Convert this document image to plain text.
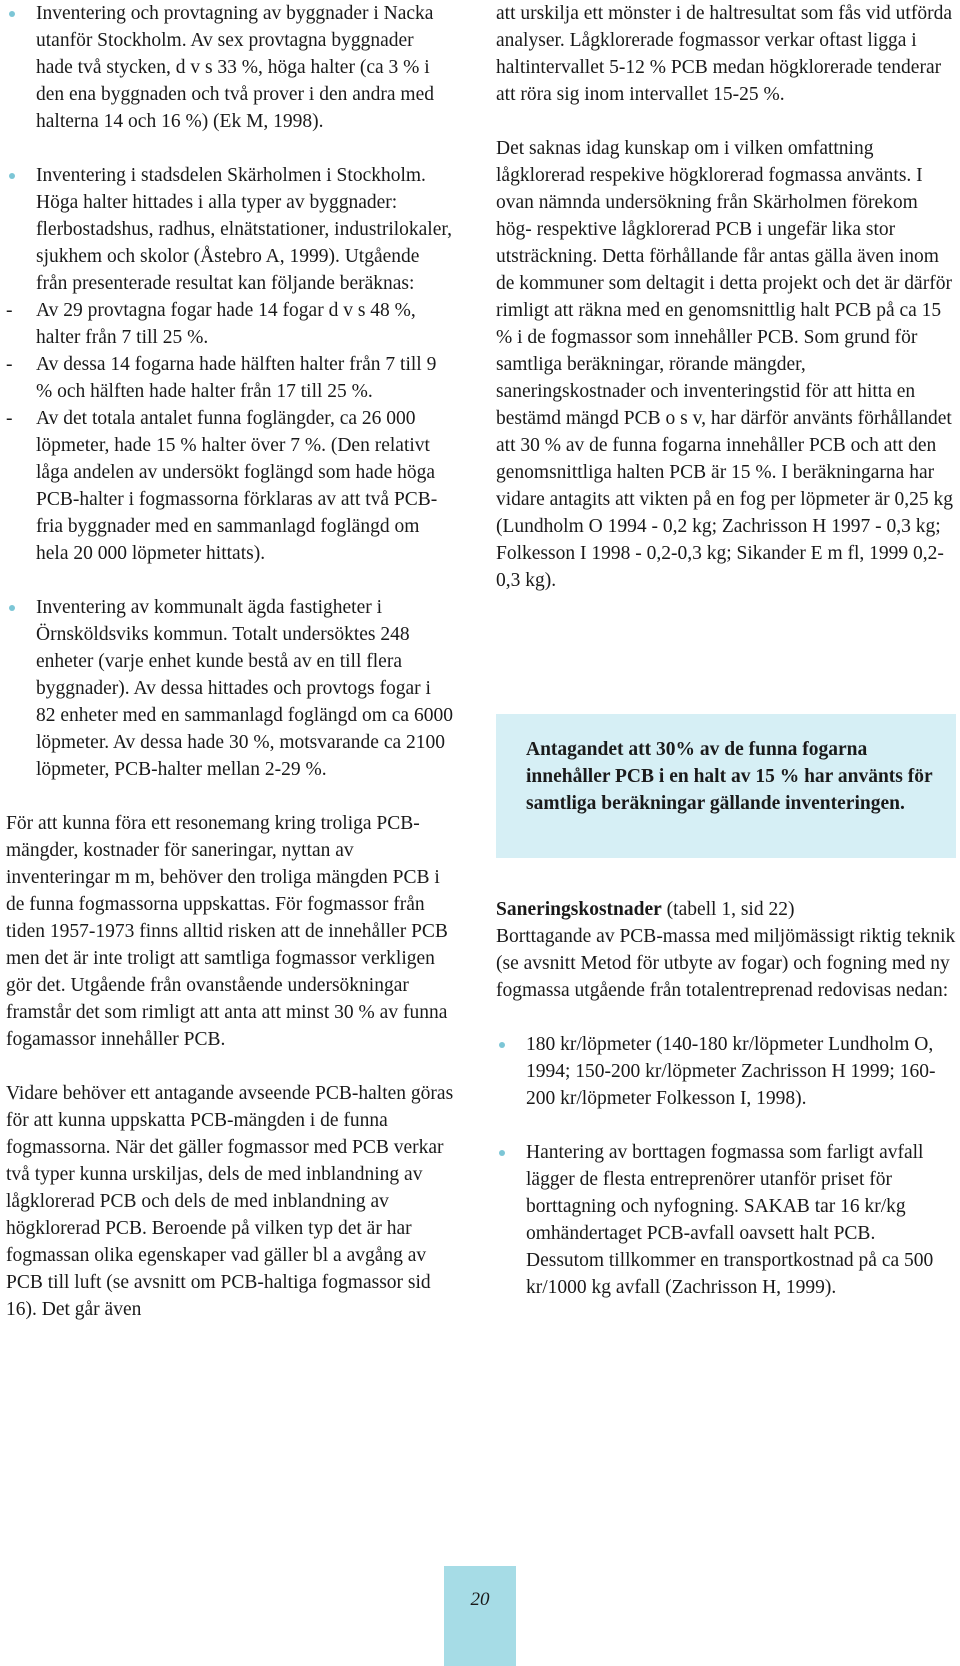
Inventering och provtagning av byggnader i Nacka utanför Stockholm. Av sex provtagna byggnader hade två stycken, d v s 33 %, höga halter (ca 3 % i den ena byggnaden och två prover i den andra med halterna 14 och 16 %) (Ek M, 1998).

Inventering i stadsdelen Skärholmen i Stockholm. Höga halter hittades i alla typer av byggnader: flerbostadshus, radhus, elnätstationer, industrilokaler, sjukhem och skolor (Åstebro A, 1999). Utgående från presenterade resultat kan följande beräknas:

- Av 29 provtagna fogar hade 14 fogar d v s 48 %, halter från 7 till 25 %.

- Av dessa 14 fogarna hade hälften halter från 7 till 9 % och hälften hade halter från 17 till 25 %.

- Av det totala antalet funna foglängder, ca 26 000 löpmeter, hade 15 % halter över 7 %. (Den relativt låga andelen av undersökt foglängd som hade höga PCB-halter i fogmassorna förklaras av att två PCB-fria byggnader med en sammanlagd foglängd om hela 20 000 löpmeter hittats).

Inventering av kommunalt ägda fastigheter i Örnsköldsviks kommun. Totalt undersöktes 248 enheter (varje enhet kunde bestå av en till flera byggnader). Av dessa hittades och provtogs fogar i 82 enheter med en sammanlagd foglängd om ca 6000 löpmeter. Av dessa hade 30 %, motsvarande ca 2100 löpmeter, PCB-halter mellan 2-29 %.

För att kunna föra ett resonemang kring troliga PCB-mängder, kostnader för saneringar, nyttan av inventeringar m m, behöver den troliga mängden PCB i de funna fogmassorna uppskattas. För fogmassor från tiden 1957-1973 finns alltid risken att de innehåller PCB men det är inte troligt att samtliga fogmassor verkligen gör det. Utgående från ovanstående undersökningar framstår det som rimligt att anta att minst 30 % av funna fogamassor innehåller PCB.

Vidare behöver ett antagande avseende PCB-halten göras för att kunna uppskatta PCB-mängden i de funna fogmassorna. När det gäller fogmassor med PCB verkar två typer kunna urskiljas, dels de med inblandning av lågklorerad PCB och dels de med inblandning av högklorerad PCB. Beroende på vilken typ det är har fogmassan olika egenskaper vad gäller bl a avgång av PCB till luft (se avsnitt om PCB-haltiga fogmassor sid 16). Det går även

att urskilja ett mönster i de haltresultat som fås vid utförda analyser. Lågklorerade fogmassor verkar oftast ligga i haltintervallet 5-12 % PCB medan högklorerade tenderar att röra sig inom intervallet 15-25 %.

Det saknas idag kunskap om i vilken omfattning lågklorerad respekive högklorerad fogmassa använts. I ovan nämnda undersökning från Skärholmen förekom hög- respektive lågklorerad PCB i ungefär lika stor utsträckning. Detta förhållande får antas gälla även inom de kommuner som deltagit i detta projekt och det är därför rimligt att räkna med en genomsnittlig halt PCB på ca 15 % i de fogmassor som innehåller PCB. Som grund för samtliga beräkningar, rörande mängder, saneringskostnader och inventeringstid för att hitta en bestämd mängd PCB o s v, har därför använts förhållandet att 30 % av de funna fogarna innehåller PCB och att den genomsnittliga halten PCB är 15 %. I beräkningarna har vidare antagits att vikten på en fog per löpmeter är 0,25 kg (Lundholm O 1994 - 0,2 kg; Zachrisson H 1997 - 0,3 kg; Folkesson I 1998 - 0,2-0,3 kg; Sikander E m fl, 1999 0,2-0,3 kg).

Antagandet att 30% av de funna fogarna innehåller PCB i en halt av 15 % har använts för samtliga beräkningar gällande inventeringen.

Saneringskostnader (tabell 1, sid 22)

Borttagande av PCB-massa med miljömässigt riktig teknik (se avsnitt Metod för utbyte av fogar) och fogning med ny fogmassa utgående från totalentreprenad redovisas nedan:

180 kr/löpmeter (140-180 kr/löpmeter Lundholm O, 1994; 150-200 kr/löpmeter Zachrisson H 1999; 160-200 kr/löpmeter Folkesson I, 1998).

Hantering av borttagen fogmassa som farligt avfall lägger de flesta entreprenörer utanför priset för borttagning och nyfogning. SAKAB tar 16 kr/kg omhändertaget PCB-avfall oavsett halt PCB. Dessutom tillkommer en transportkostnad på ca 500 kr/1000 kg avfall (Zachrisson H, 1999).

20
